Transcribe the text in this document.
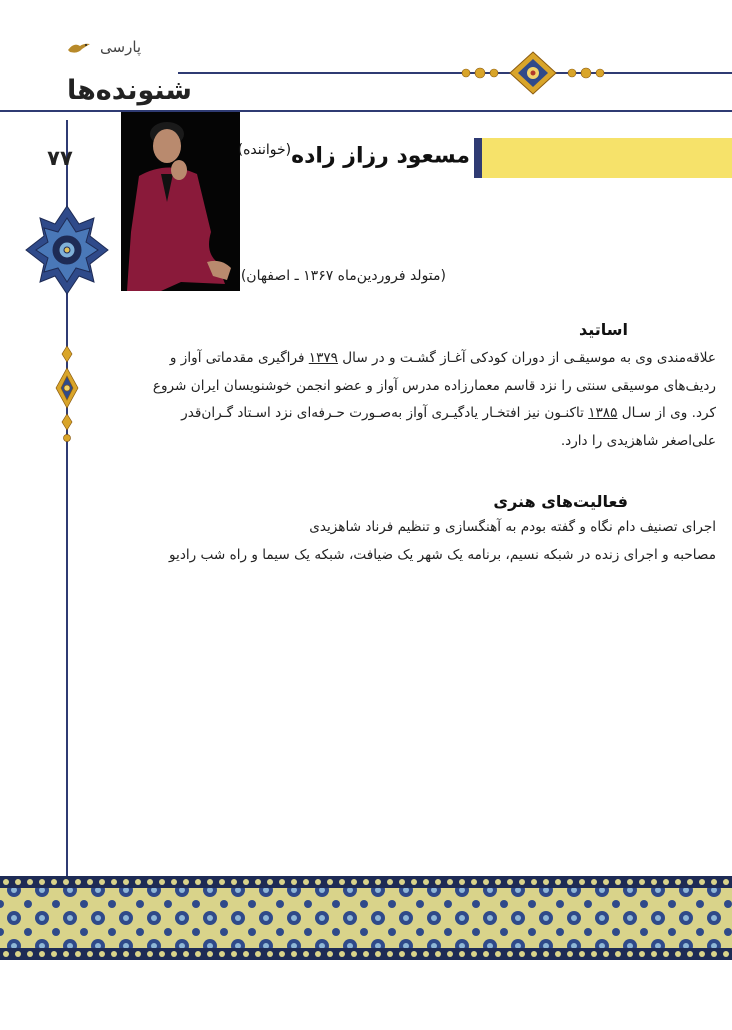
پارسی
شنونده‌ها
۷۷	مسعود رزاز زاده$^{(خواننده)}$
(متولد فروردین‌ماه ۱۳۶۷ ـ اصفهان)
اساتید
علاقه‌مندی وی به موسیقـی از دوران کودکی آغـاز گشـت و در سال ۱۳۷۹ فراگیری مقدماتی آواز و
ردیف‌های موسیقی سنتی را نزد قاسم معمارزاده مدرس آواز و عضو انجمن خوشنویسان ایران شروع
کرد. وی از سـال ۱۳۸۵ تاکنـون نیز افتخـار یادگیـری آواز به‌صـورت حـرفه‌ای نزد اسـتاد گـران‌قدر
علی‌اصغر شاهزیدی را دارد.
فعالیت‌های هنری
اجرای تصنیف دام نگاه و گفته بودم به آهنگسازی و تنظیم فرناد شاهزیدی
مصاحبه و اجرای زنده در شبکه نسیم، برنامه یک شهر یک ضیافت، شبکه یک سیما و راه شب رادیو
